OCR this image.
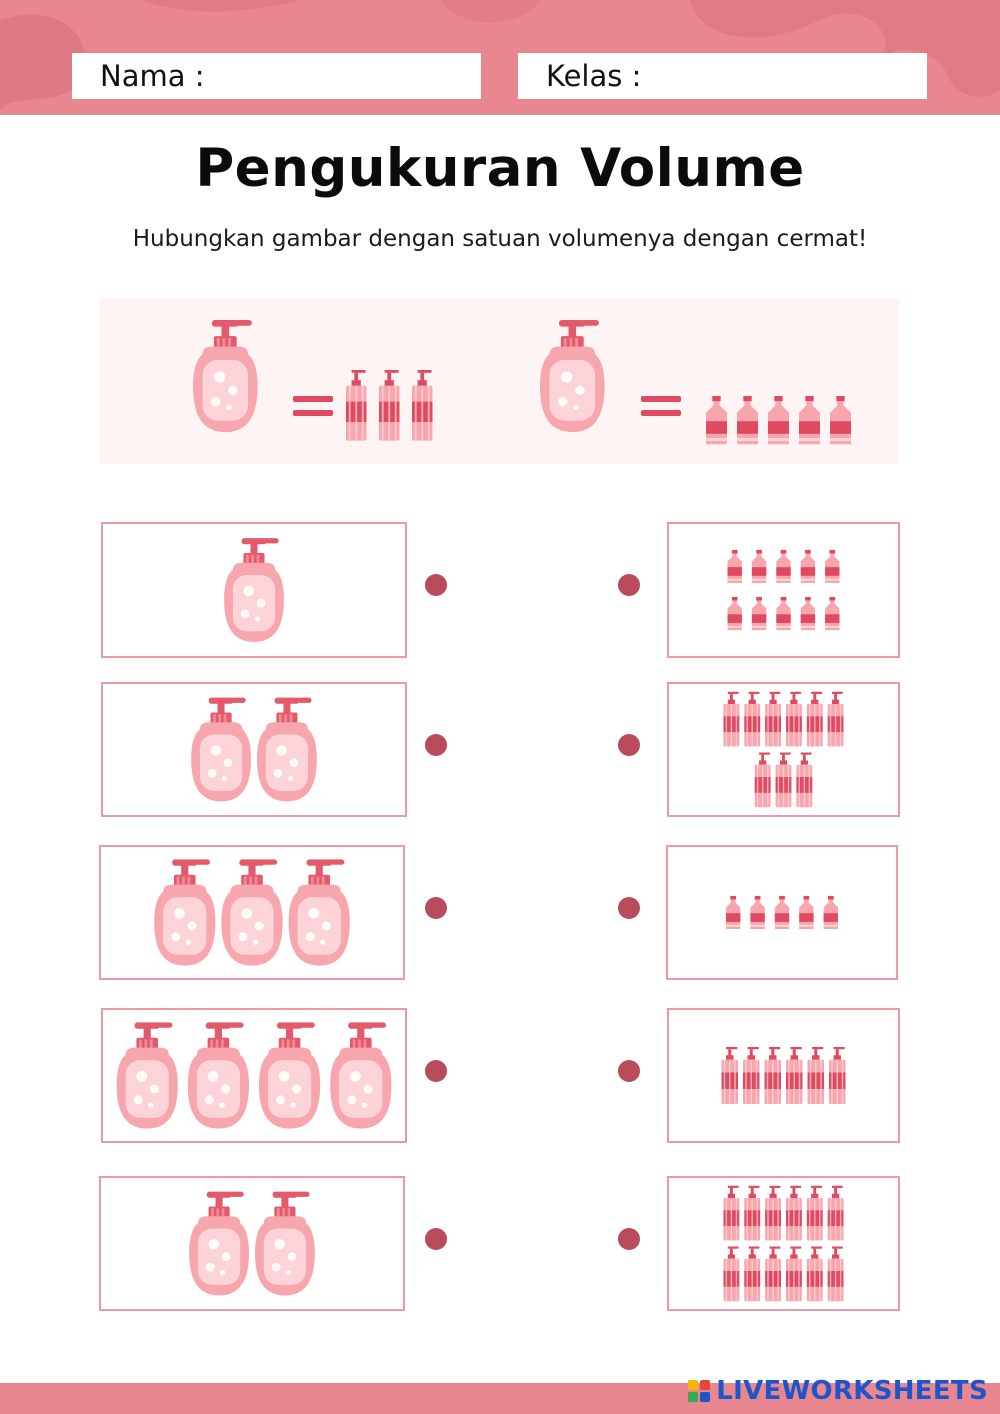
Nama :	Kelas :
Pengukuran Volume
Hubungkan gambar dengan satuan volumenya dengan cermat!
LIVEWORKSHEETS
